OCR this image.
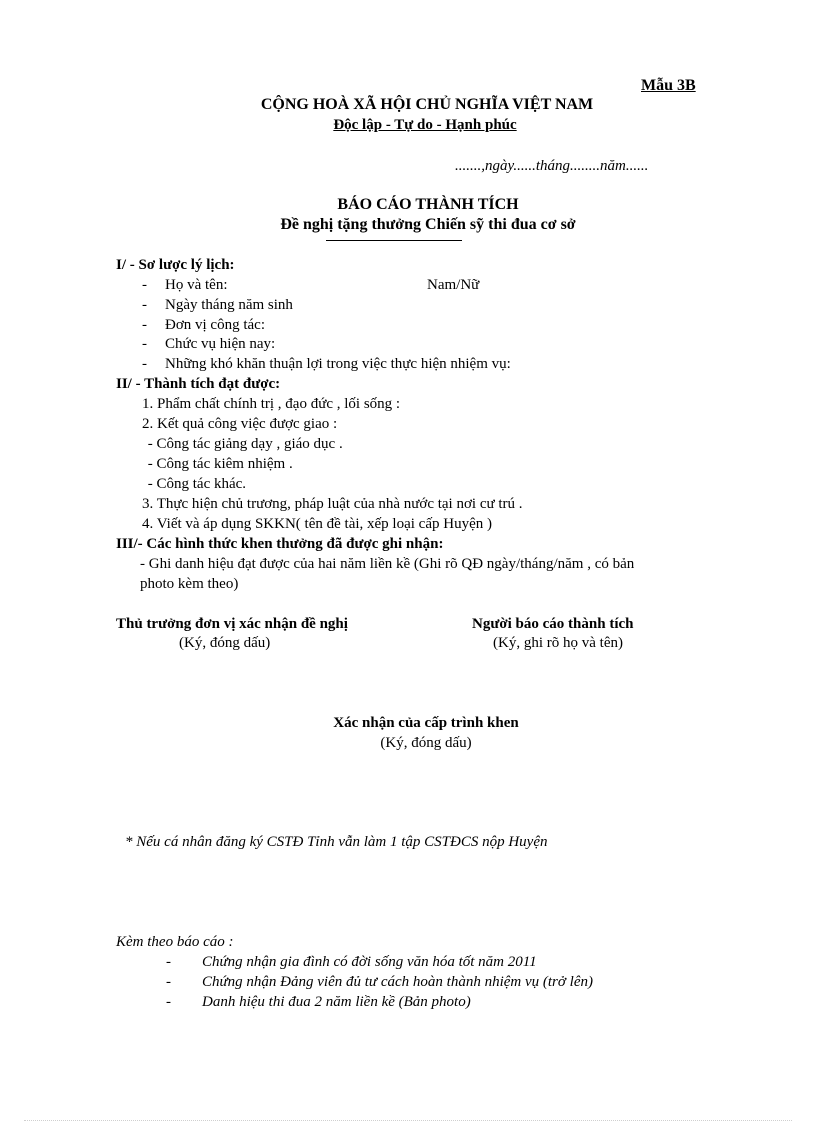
Mẫu 3B
CỘNG HOÀ XÃ HỘI CHỦ NGHĨA VIỆT NAM
Độc lập - Tự do - Hạnh phúc
.......,ngày......tháng........năm......
BÁO CÁO THÀNH TÍCH
Đề nghị tặng thưởng Chiến sỹ thi đua cơ sở
I/ - Sơ lược lý lịch:
- Họ và tên:	Nam/Nữ
- Ngày tháng năm sinh
- Đơn vị công tác:
- Chức vụ hiện nay:
- Những khó khăn thuận lợi trong việc thực hiện nhiệm vụ:
II/ - Thành tích đạt được:
1. Phẩm chất chính trị , đạo đức , lối sống :
2. Kết quả công việc được giao :
- Công tác giảng dạy , giáo dục .
- Công tác kiêm nhiệm .
- Công tác khác.
3. Thực hiện chủ trương, pháp luật của nhà nước tại nơi cư trú .
4. Viết và áp dụng SKKN( tên đề tài, xếp loại cấp Huyện )
III/- Các hình thức khen thưởng đã được ghi nhận:
- Ghi danh hiệu đạt được của hai năm liền kề (Ghi rõ QĐ ngày/tháng/năm , có bản
photo kèm theo)
Thủ trưởng đơn vị xác nhận đề nghị
(Ký, đóng dấu)
Người báo cáo thành tích
(Ký, ghi rõ họ và tên)
Xác nhận của cấp trình khen
(Ký, đóng dấu)
* Nếu cá nhân đăng ký CSTĐ Tỉnh vẫn làm 1 tập CSTĐCS nộp Huyện
Kèm theo báo cáo :
- Chứng nhận gia đình có đời sống văn hóa tốt năm 2011
- Chứng nhận Đảng viên đủ tư cách hoàn thành nhiệm vụ (trở lên)
- Danh hiệu thi đua 2 năm liền kề (Bản photo)
